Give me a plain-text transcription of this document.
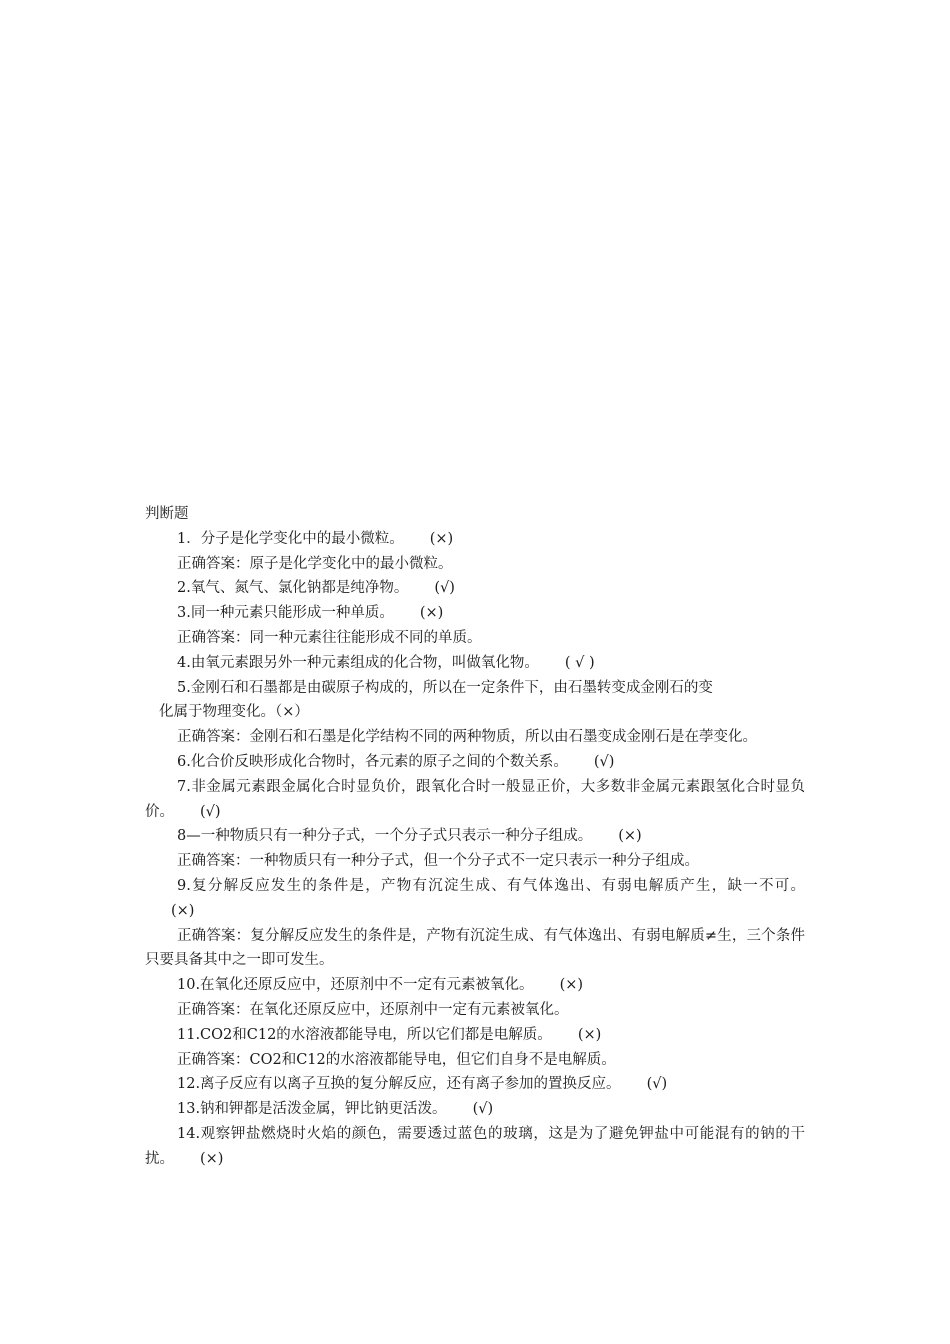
判断题

1．分子是化学变化中的最小微粒。 (×)

正确答案：原子是化学变化中的最小微粒。

2.氧气、氮气、氯化钠都是纯净物。 (√)

3.同一种元素只能形成一种单质。 (×)

正确答案：同一种元素往往能形成不同的单质。

4.由氧元素跟另外一种元素组成的化合物，叫做氧化物。 ( √ )

5.金刚石和石墨都是由碳原子构成的，所以在一定条件下，由石墨转变成金刚石的变

化属于物理变化。（×）

正确答案：金刚石和石墨是化学结构不同的两种物质，所以由石墨变成金刚石是在荸变化。

6.化合价反映形成化合物时，各元素的原子之间的个数关系。 (√)

7.非金属元素跟金属化合时显负价，跟氧化合时一般显正价，大多数非金属元素跟氢化合时显负价。 (√)

8—一种物质只有一种分子式，一个分子式只表示一种分子组成。 (×)

正确答案：一种物质只有一种分子式，但一个分子式不一定只表示一种分子组成。

9.复分解反应发生的条件是，产物有沉淀生成、有气体逸出、有弱电解质产生，缺一不可。(×)

正确答案：复分解反应发生的条件是，产物有沉淀生成、有气体逸出、有弱电解质≠生，三个条件只要具备其中之一即可发生。

10.在氧化还原反应中，还原剂中不一定有元素被氧化。 (×)

正确答案：在氧化还原反应中，还原剂中一定有元素被氧化。

11.CO2和C12的水溶液都能导电，所以它们都是电解质。 (×)

正确答案：CO2和C12的水溶液都能导电，但它们自身不是电解质。

12.离子反应有以离子互换的复分解反应，还有离子参加的置换反应。 (√)

13.钠和钾都是活泼金属，钾比钠更活泼。 (√)

14.观察钾盐燃烧时火焰的颜色，需要透过蓝色的玻璃，这是为了避免钾盐中可能混有的钠的干扰。 (×)
